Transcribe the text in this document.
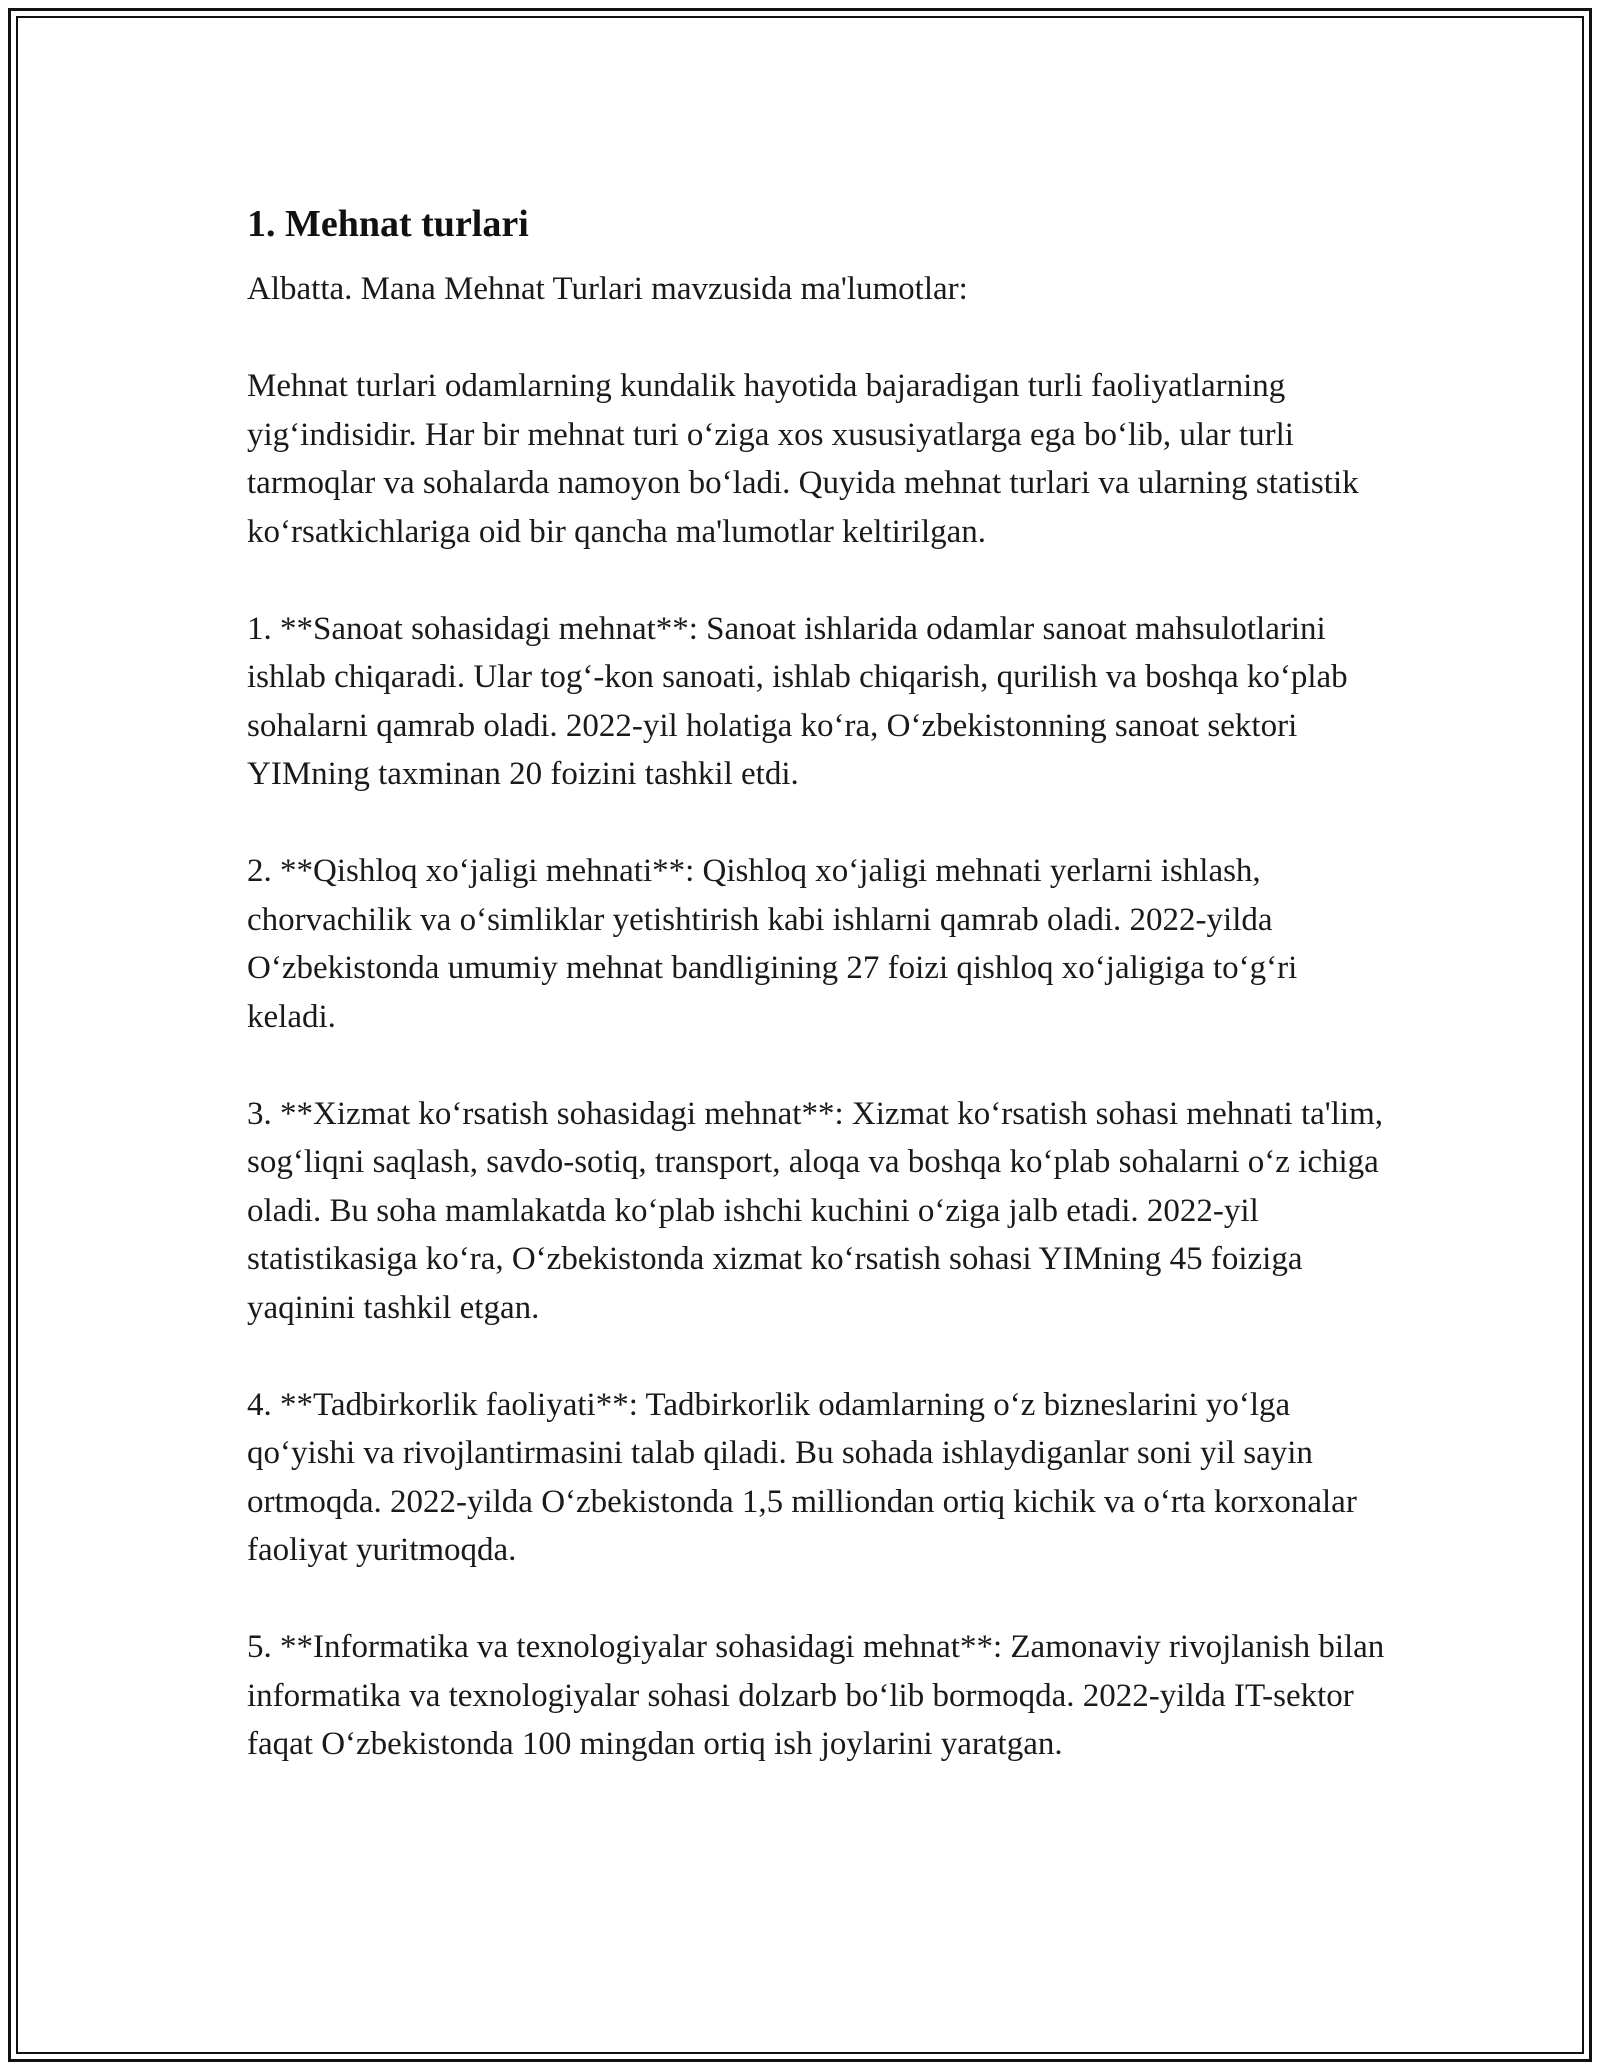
1. Mehnat turlari

Albatta. Mana Mehnat Turlari mavzusida ma'lumotlar:

Mehnat turlari odamlarning kundalik hayotida bajaradigan turli faoliyatlarning yig‘indisidir. Har bir mehnat turi o‘ziga xos xususiyatlarga ega bo‘lib, ular turli tarmoqlar va sohalarda namoyon bo‘ladi. Quyida mehnat turlari va ularning statistik ko‘rsatkichlariga oid bir qancha ma'lumotlar keltirilgan.

1. **Sanoat sohasidagi mehnat**: Sanoat ishlarida odamlar sanoat mahsulotlarini ishlab chiqaradi. Ular tog‘-kon sanoati, ishlab chiqarish, qurilish va boshqa ko‘plab sohalarni qamrab oladi. 2022-yil holatiga ko‘ra, O‘zbekistonning sanoat sektori YIMning taxminan 20 foizini tashkil etdi.

2. **Qishloq xo‘jaligi mehnati**: Qishloq xo‘jaligi mehnati yerlarni ishlash, chorvachilik va o‘simliklar yetishtirish kabi ishlarni qamrab oladi. 2022-yilda O‘zbekistonda umumiy mehnat bandligining 27 foizi qishloq xo‘jaligiga to‘g‘ri keladi.

3. **Xizmat ko‘rsatish sohasidagi mehnat**: Xizmat ko‘rsatish sohasi mehnati ta'lim, sog‘liqni saqlash, savdo-sotiq, transport, aloqa va boshqa ko‘plab sohalarni o‘z ichiga oladi. Bu soha mamlakatda ko‘plab ishchi kuchini o‘ziga jalb etadi. 2022-yil statistikasiga ko‘ra, O‘zbekistonda xizmat ko‘rsatish sohasi YIMning 45 foiziga yaqinini tashkil etgan.

4. **Tadbirkorlik faoliyati**: Tadbirkorlik odamlarning o‘z bizneslarini yo‘lga qo‘yishi va rivojlantirmasini talab qiladi. Bu sohada ishlaydiganlar soni yil sayin ortmoqda. 2022-yilda O‘zbekistonda 1,5 milliondan ortiq kichik va o‘rta korxonalar faoliyat yuritmoqda.

5. **Informatika va texnologiyalar sohasidagi mehnat**: Zamonaviy rivojlanish bilan informatika va texnologiyalar sohasi dolzarb bo‘lib bormoqda. 2022-yilda IT-sektor faqat O‘zbekistonda 100 mingdan ortiq ish joylarini yaratgan.
